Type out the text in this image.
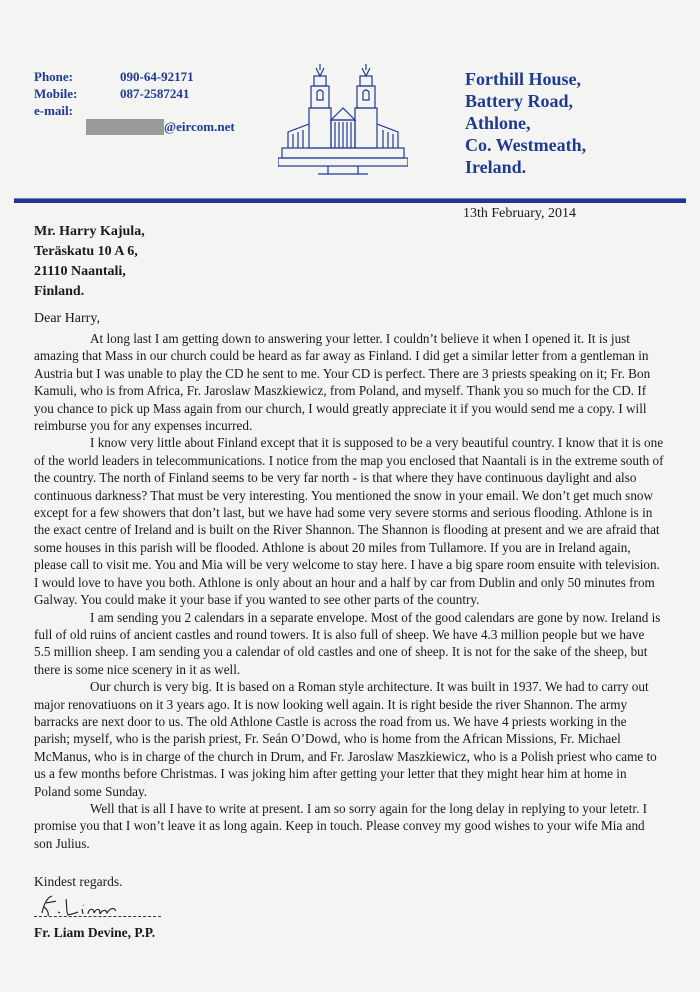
Phone:	090-64-92171
Mobile:	087-2587241
e-mail:
@eircom.net
Forthill House,
Battery Road,
Athlone,
Co. Westmeath,
Ireland.
13th February, 2014
Mr. Harry Kajula,
Teräskatu 10 A 6,
21110 Naantali,
Finland.
Dear Harry,

At long last I am getting down to answering your letter. I couldn’t believe it when I opened it. It is just amazing that Mass in our church could be heard as far away as Finland. I did get a similar letter from a gentleman in Austria but I was unable to play the CD he sent to me. Your CD is perfect. There are 3 priests speaking on it; Fr. Bon Kamuli, who is from Africa, Fr. Jaroslaw Maszkiewicz, from Poland, and myself. Thank you so much for the CD. If you chance to pick up Mass again from our church, I would greatly appreciate it if you would send me a copy. I will reimburse you for any expenses incurred.

I know very little about Finland except that it is supposed to be a very beautiful country. I know that it is one of the world leaders in telecommunications. I notice from the map you enclosed that Naantali is in the extreme south of the country. The north of Finland seems to be very far north - is that where they have continuous daylight and also continuous darkness? That must be very interesting. You mentioned the snow in your email. We don’t get much snow except for a few showers that don’t last, but we have had some very severe storms and serious flooding. Athlone is in the exact centre of Ireland and is built on the River Shannon. The Shannon is flooding at present and we are afraid that some houses in this parish will be flooded. Athlone is about 20 miles from Tullamore. If you are in Ireland again, please call to visit me. You and Mia will be very welcome to stay here. I have a big spare room ensuite with television. I would love to have you both. Athlone is only about an hour and a half by car from Dublin and only 50 minutes from Galway. You could make it your base if you wanted to see other parts of the country.

I am sending you 2 calendars in a separate envelope. Most of the good calendars are gone by now. Ireland is full of old ruins of ancient castles and round towers. It is also full of sheep. We have 4.3 million people but we have 5.5 million sheep. I am sending you a calendar of old castles and one of sheep. It is not for the sake of the sheep, but there is some nice scenery in it as well.

Our church is very big. It is based on a Roman style architecture. It was built in 1937. We had to carry out major renovatiuons on it 3 years ago. It is now looking well again. It is right beside the river Shannon. The army barracks are next door to us. The old Athlone Castle is across the road from us. We have 4 priests working in the parish; myself, who is the parish priest, Fr. Seán O’Dowd, who is home from the African Missions, Fr. Michael McManus, who is in charge of the church in Drum, and Fr. Jaroslaw Maszkiewicz, who is a Polish priest who came to us a few months before Christmas. I was joking him after getting your letter that they might hear him at home in Poland some Sunday.

Well that is all I have to write at present. I am so sorry again for the long delay in replying to your letetr. I promise you that I won’t leave it as long again. Keep in touch. Please convey my good wishes to your wife Mia and son Julius.

Kindest regards.
Fr. Liam Devine, P.P.
